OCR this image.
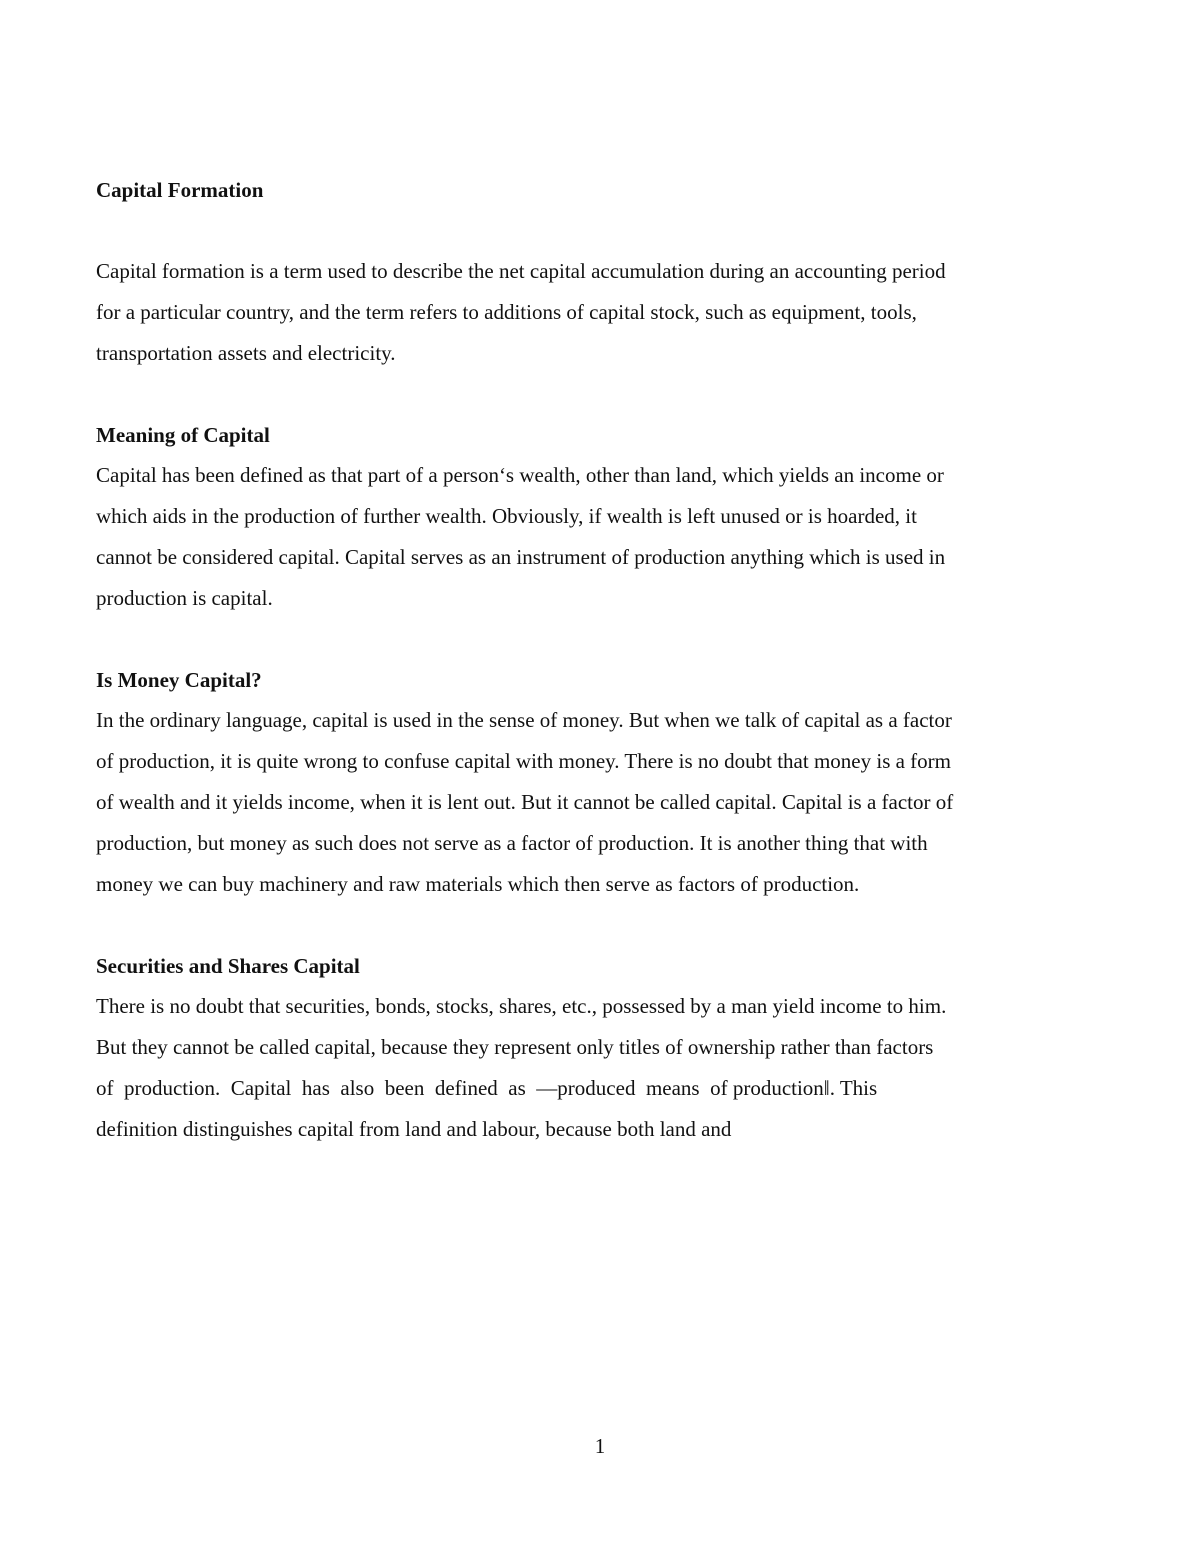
Capital Formation

Capital formation is a term used to describe the net capital accumulation during an accounting period

for a particular country, and the term refers to additions of capital stock, such as equipment, tools,

transportation assets and electricity.

Meaning of Capital

Capital has been defined as that part of a person‘s wealth, other than land, which yields an income or

which aids in the production of further wealth. Obviously, if wealth is left unused or is hoarded, it

cannot be considered capital. Capital serves as an instrument of production anything which is used in

production is capital.

Is Money Capital?

In the ordinary language, capital is used in the sense of money. But when we talk of capital as a factor

of production, it is quite wrong to confuse capital with money. There is no doubt that money is a form

of wealth and it yields income, when it is lent out. But it cannot be called capital. Capital is a factor of

production, but money as such does not serve as a factor of production. It is another thing that with

money we can buy machinery and raw materials which then serve as factors of production.

Securities and Shares Capital

There is no doubt that securities, bonds, stocks, shares, etc., possessed by a man yield income to him.

But they cannot be called capital, because they represent only titles of ownership rather than factors

of  production.  Capital  has  also  been  defined  as  ―produced  means  of productionǁ. This

definition distinguishes capital from land and labour, because both land and

1
